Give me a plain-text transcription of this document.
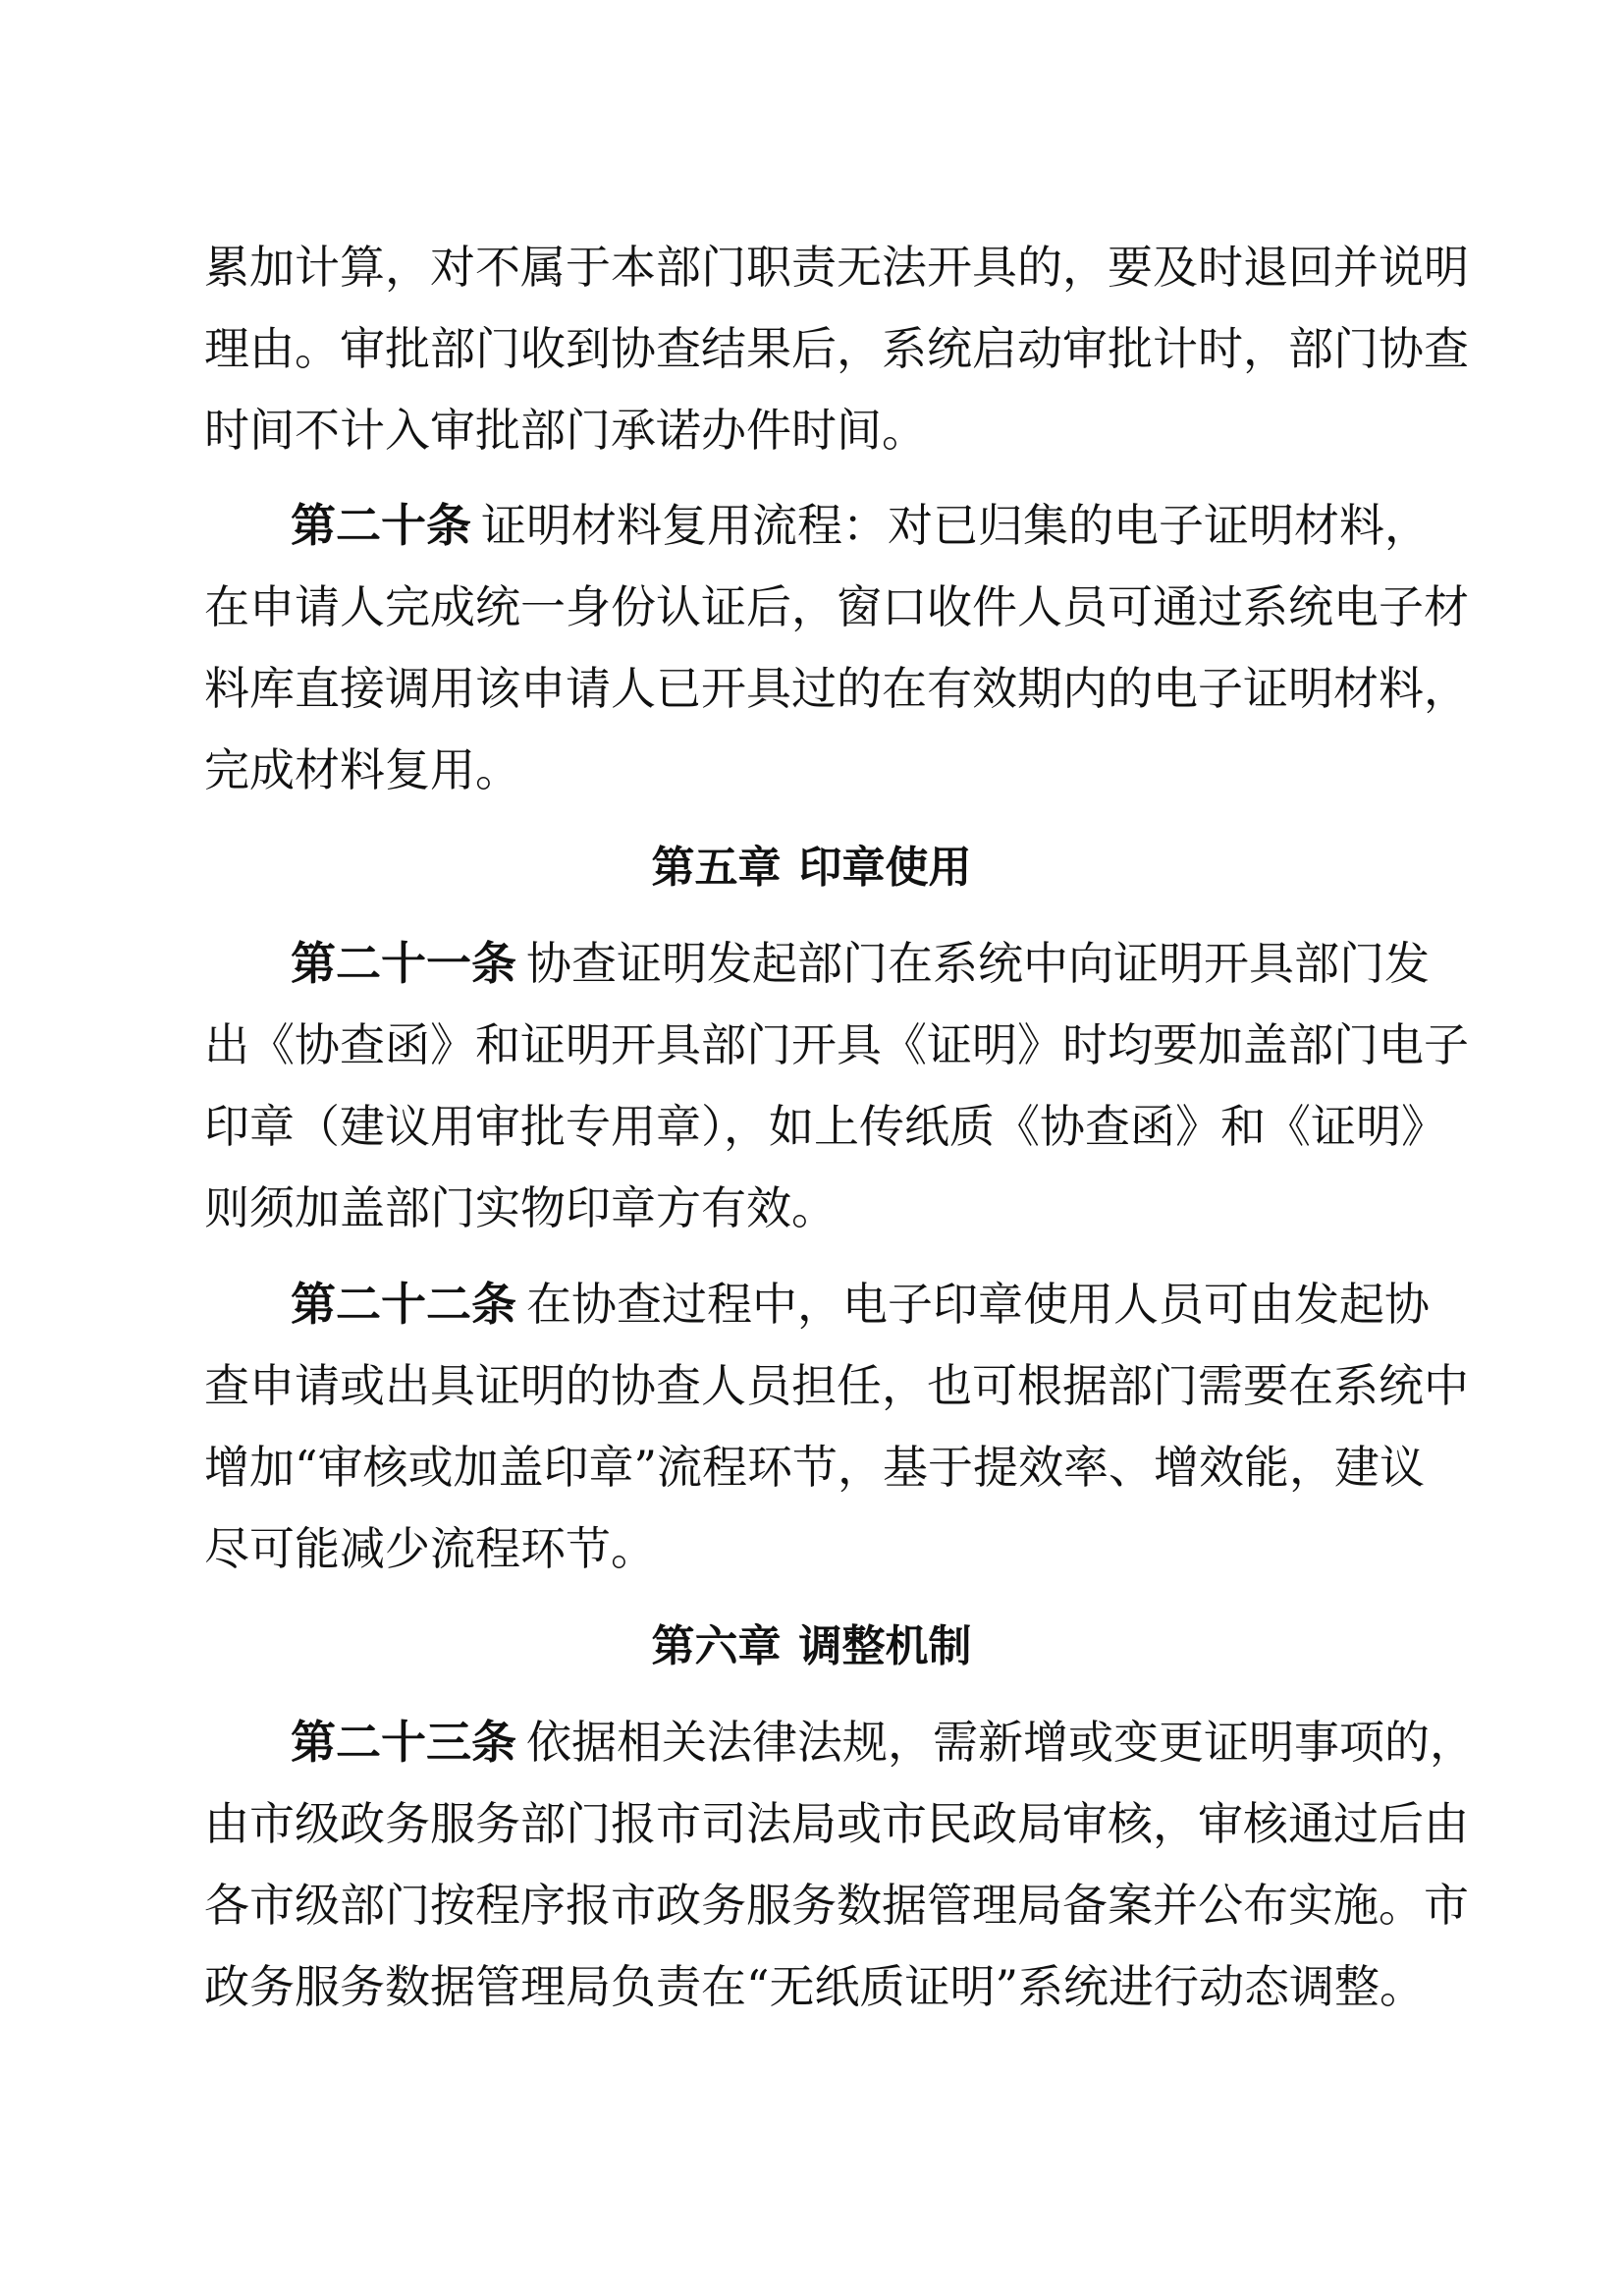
累加计算，对不属于本部门职责无法开具的，要及时退回并说明
理由。审批部门收到协查结果后，系统启动审批计时，部门协查
时间不计入审批部门承诺办件时间。
第二十条 证明材料复用流程：对已归集的电子证明材料，
在申请人完成统一身份认证后，窗口收件人员可通过系统电子材
料库直接调用该申请人已开具过的在有效期内的电子证明材料，
完成材料复用。
第五章 印章使用
第二十一条 协查证明发起部门在系统中向证明开具部门发
出《协查函》和证明开具部门开具《证明》时均要加盖部门电子
印章（建议用审批专用章），如上传纸质《协查函》和《证明》
则须加盖部门实物印章方有效。
第二十二条 在协查过程中，电子印章使用人员可由发起协
查申请或出具证明的协查人员担任，也可根据部门需要在系统中
增加“审核或加盖印章”流程环节，基于提效率、增效能，建议
尽可能减少流程环节。
第六章 调整机制
第二十三条 依据相关法律法规，需新增或变更证明事项的，
由市级政务服务部门报市司法局或市民政局审核，审核通过后由
各市级部门按程序报市政务服务数据管理局备案并公布实施。市
政务服务数据管理局负责在“无纸质证明”系统进行动态调整。
